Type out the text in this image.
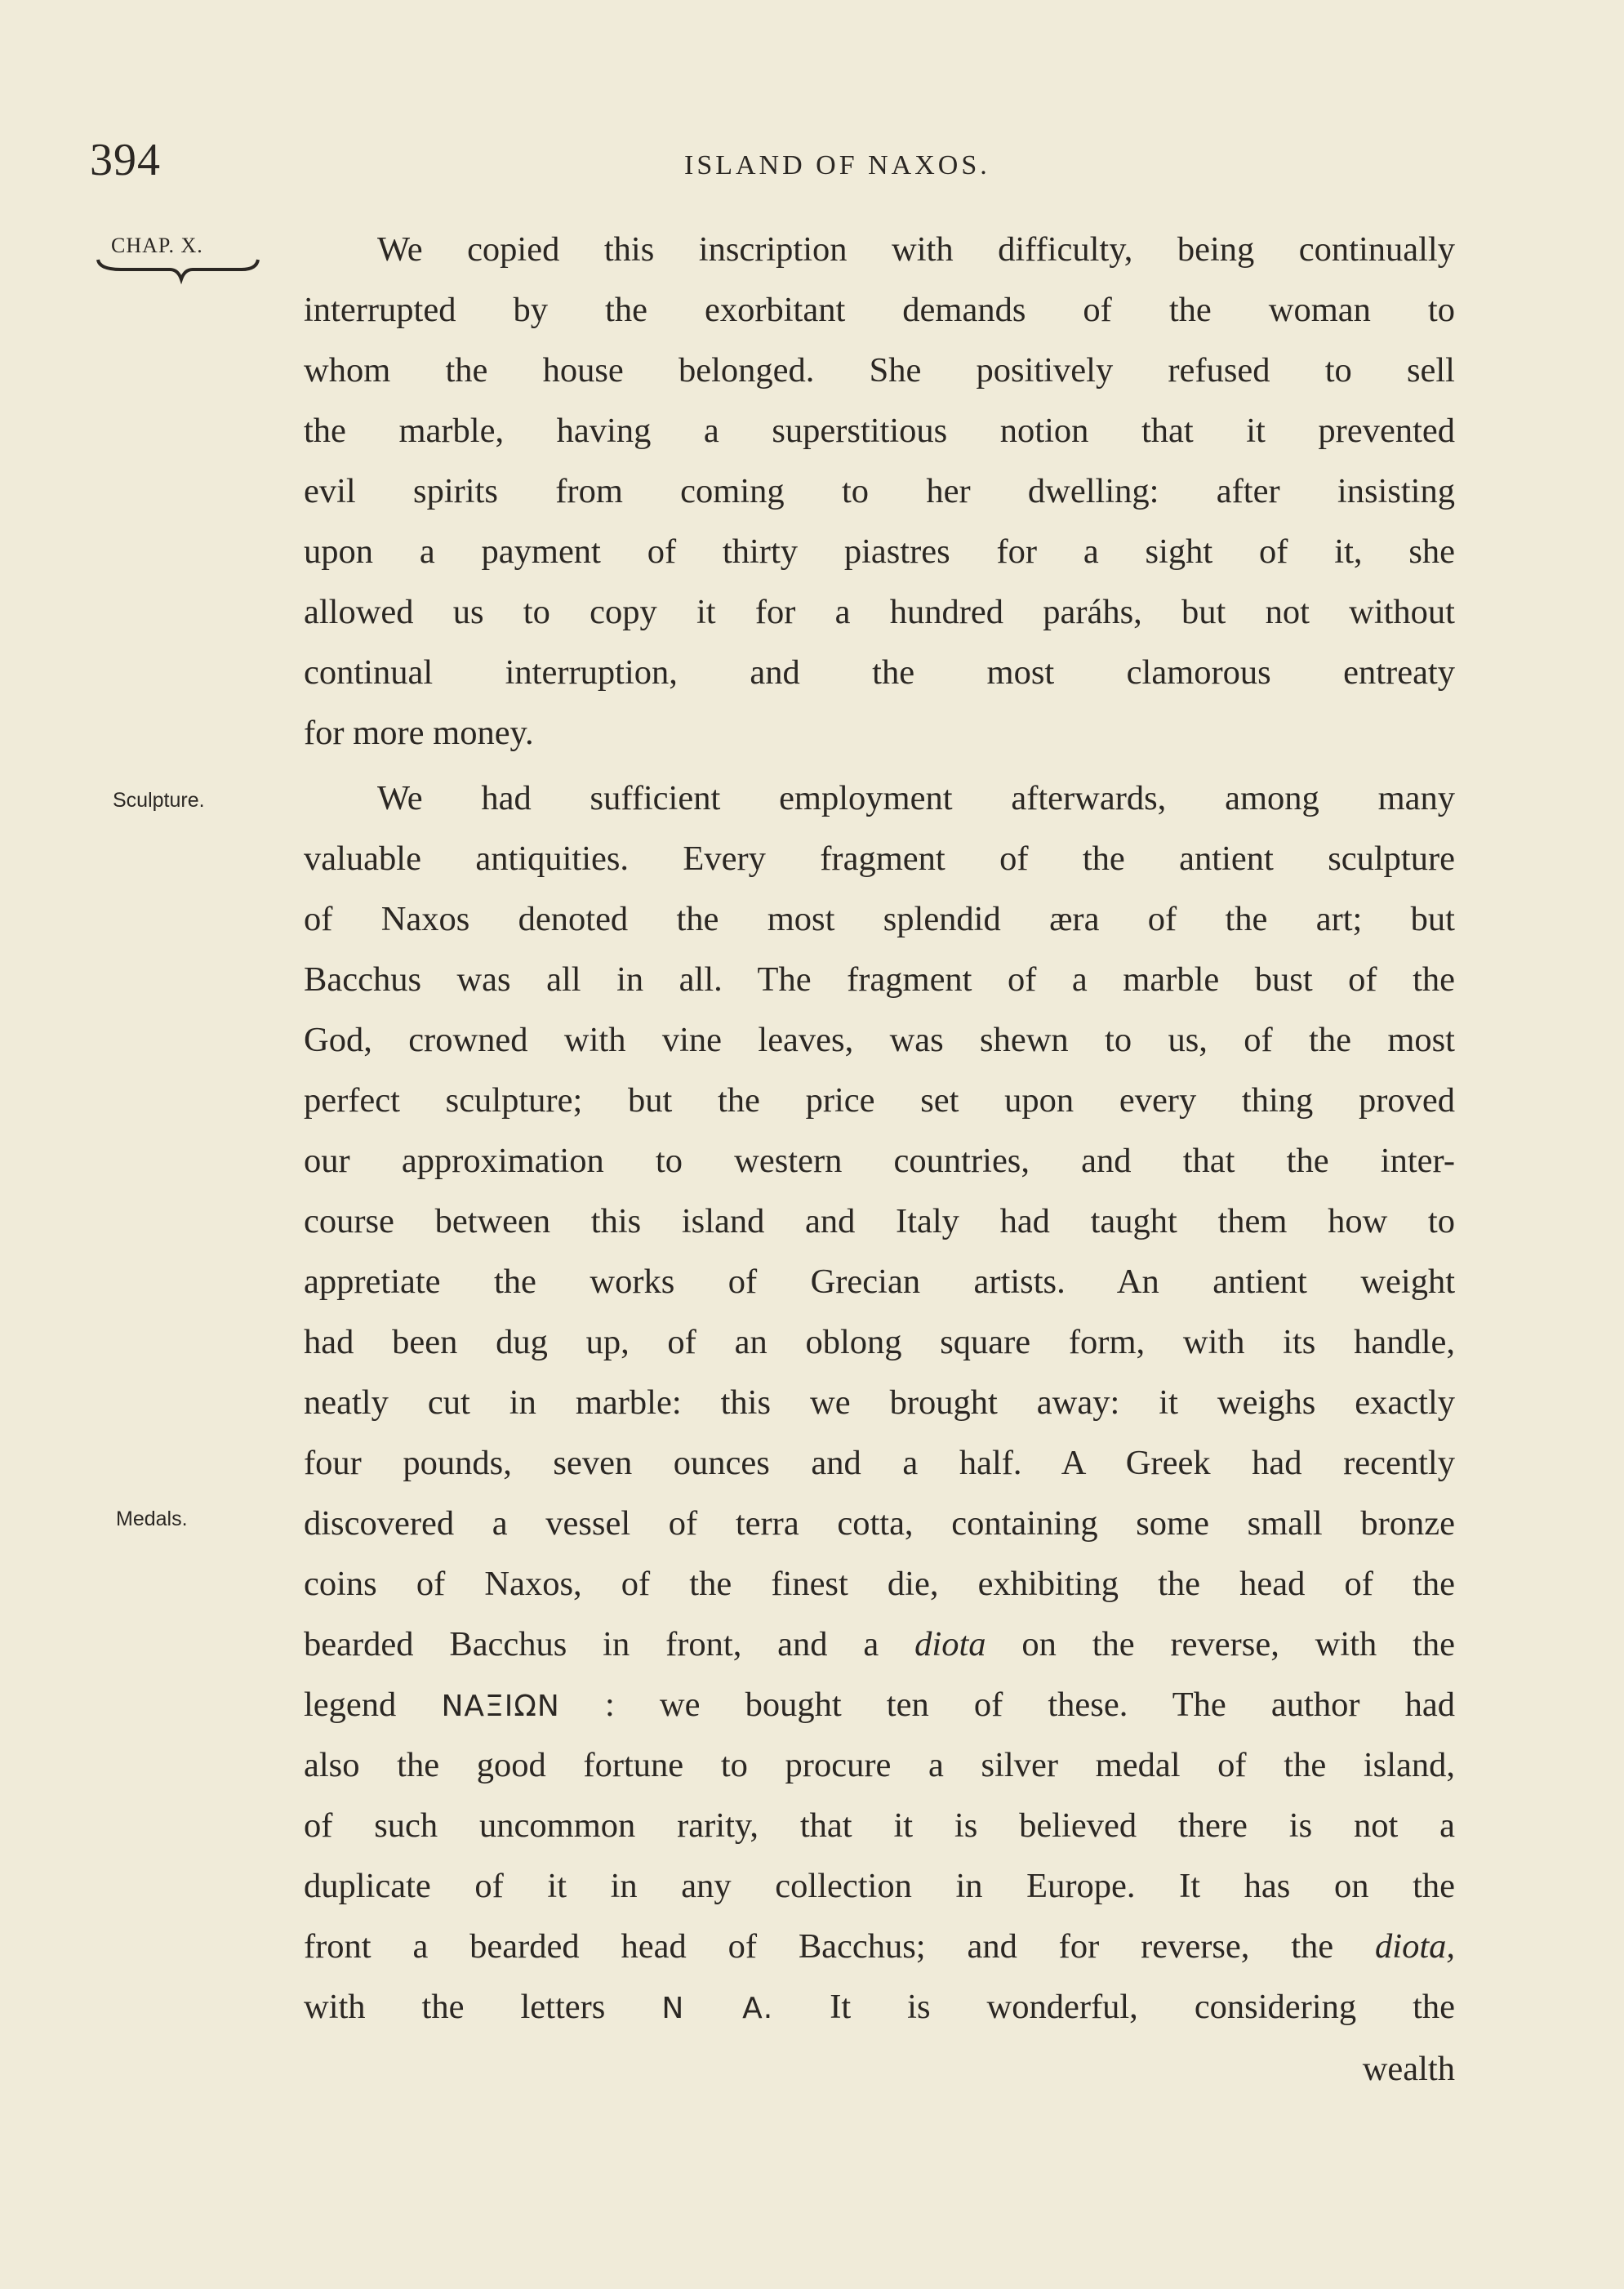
394	ISLAND OF NAXOS.
CHAP. X.
Sculpture.
Medals.
We copied this inscription with difficulty, being continually
interrupted by the exorbitant demands of the woman to
whom the house belonged. She positively refused to sell
the marble, having a superstitious notion that it prevented
evil spirits from coming to her dwelling: after insisting
upon a payment of thirty piastres for a sight of it, she
allowed us to copy it for a hundred paráhs, but not without
continual interruption, and the most clamorous entreaty
for more money.
We had sufficient employment afterwards, among many
valuable antiquities. Every fragment of the antient sculpture
of Naxos denoted the most splendid æra of the art; but
Bacchus was all in all. The fragment of a marble bust of the
God, crowned with vine leaves, was shewn to us, of the most
perfect sculpture; but the price set upon every thing proved
our approximation to western countries, and that the inter-
course between this island and Italy had taught them how to
appretiate the works of Grecian artists. An antient weight
had been dug up, of an oblong square form, with its handle,
neatly cut in marble: this we brought away: it weighs exactly
four pounds, seven ounces and a half. A Greek had recently
discovered a vessel of terra cotta, containing some small bronze
coins of Naxos, of the finest die, exhibiting the head of the
bearded Bacchus in front, and a diota on the reverse, with the
legend ΝΑΞΙΩΝ : we bought ten of these. The author had
also the good fortune to procure a silver medal of the island,
of such uncommon rarity, that it is believed there is not a
duplicate of it in any collection in Europe. It has on the
front a bearded head of Bacchus; and for reverse, the diota,
with the letters Ν Α. It is wonderful, considering the
wealth
